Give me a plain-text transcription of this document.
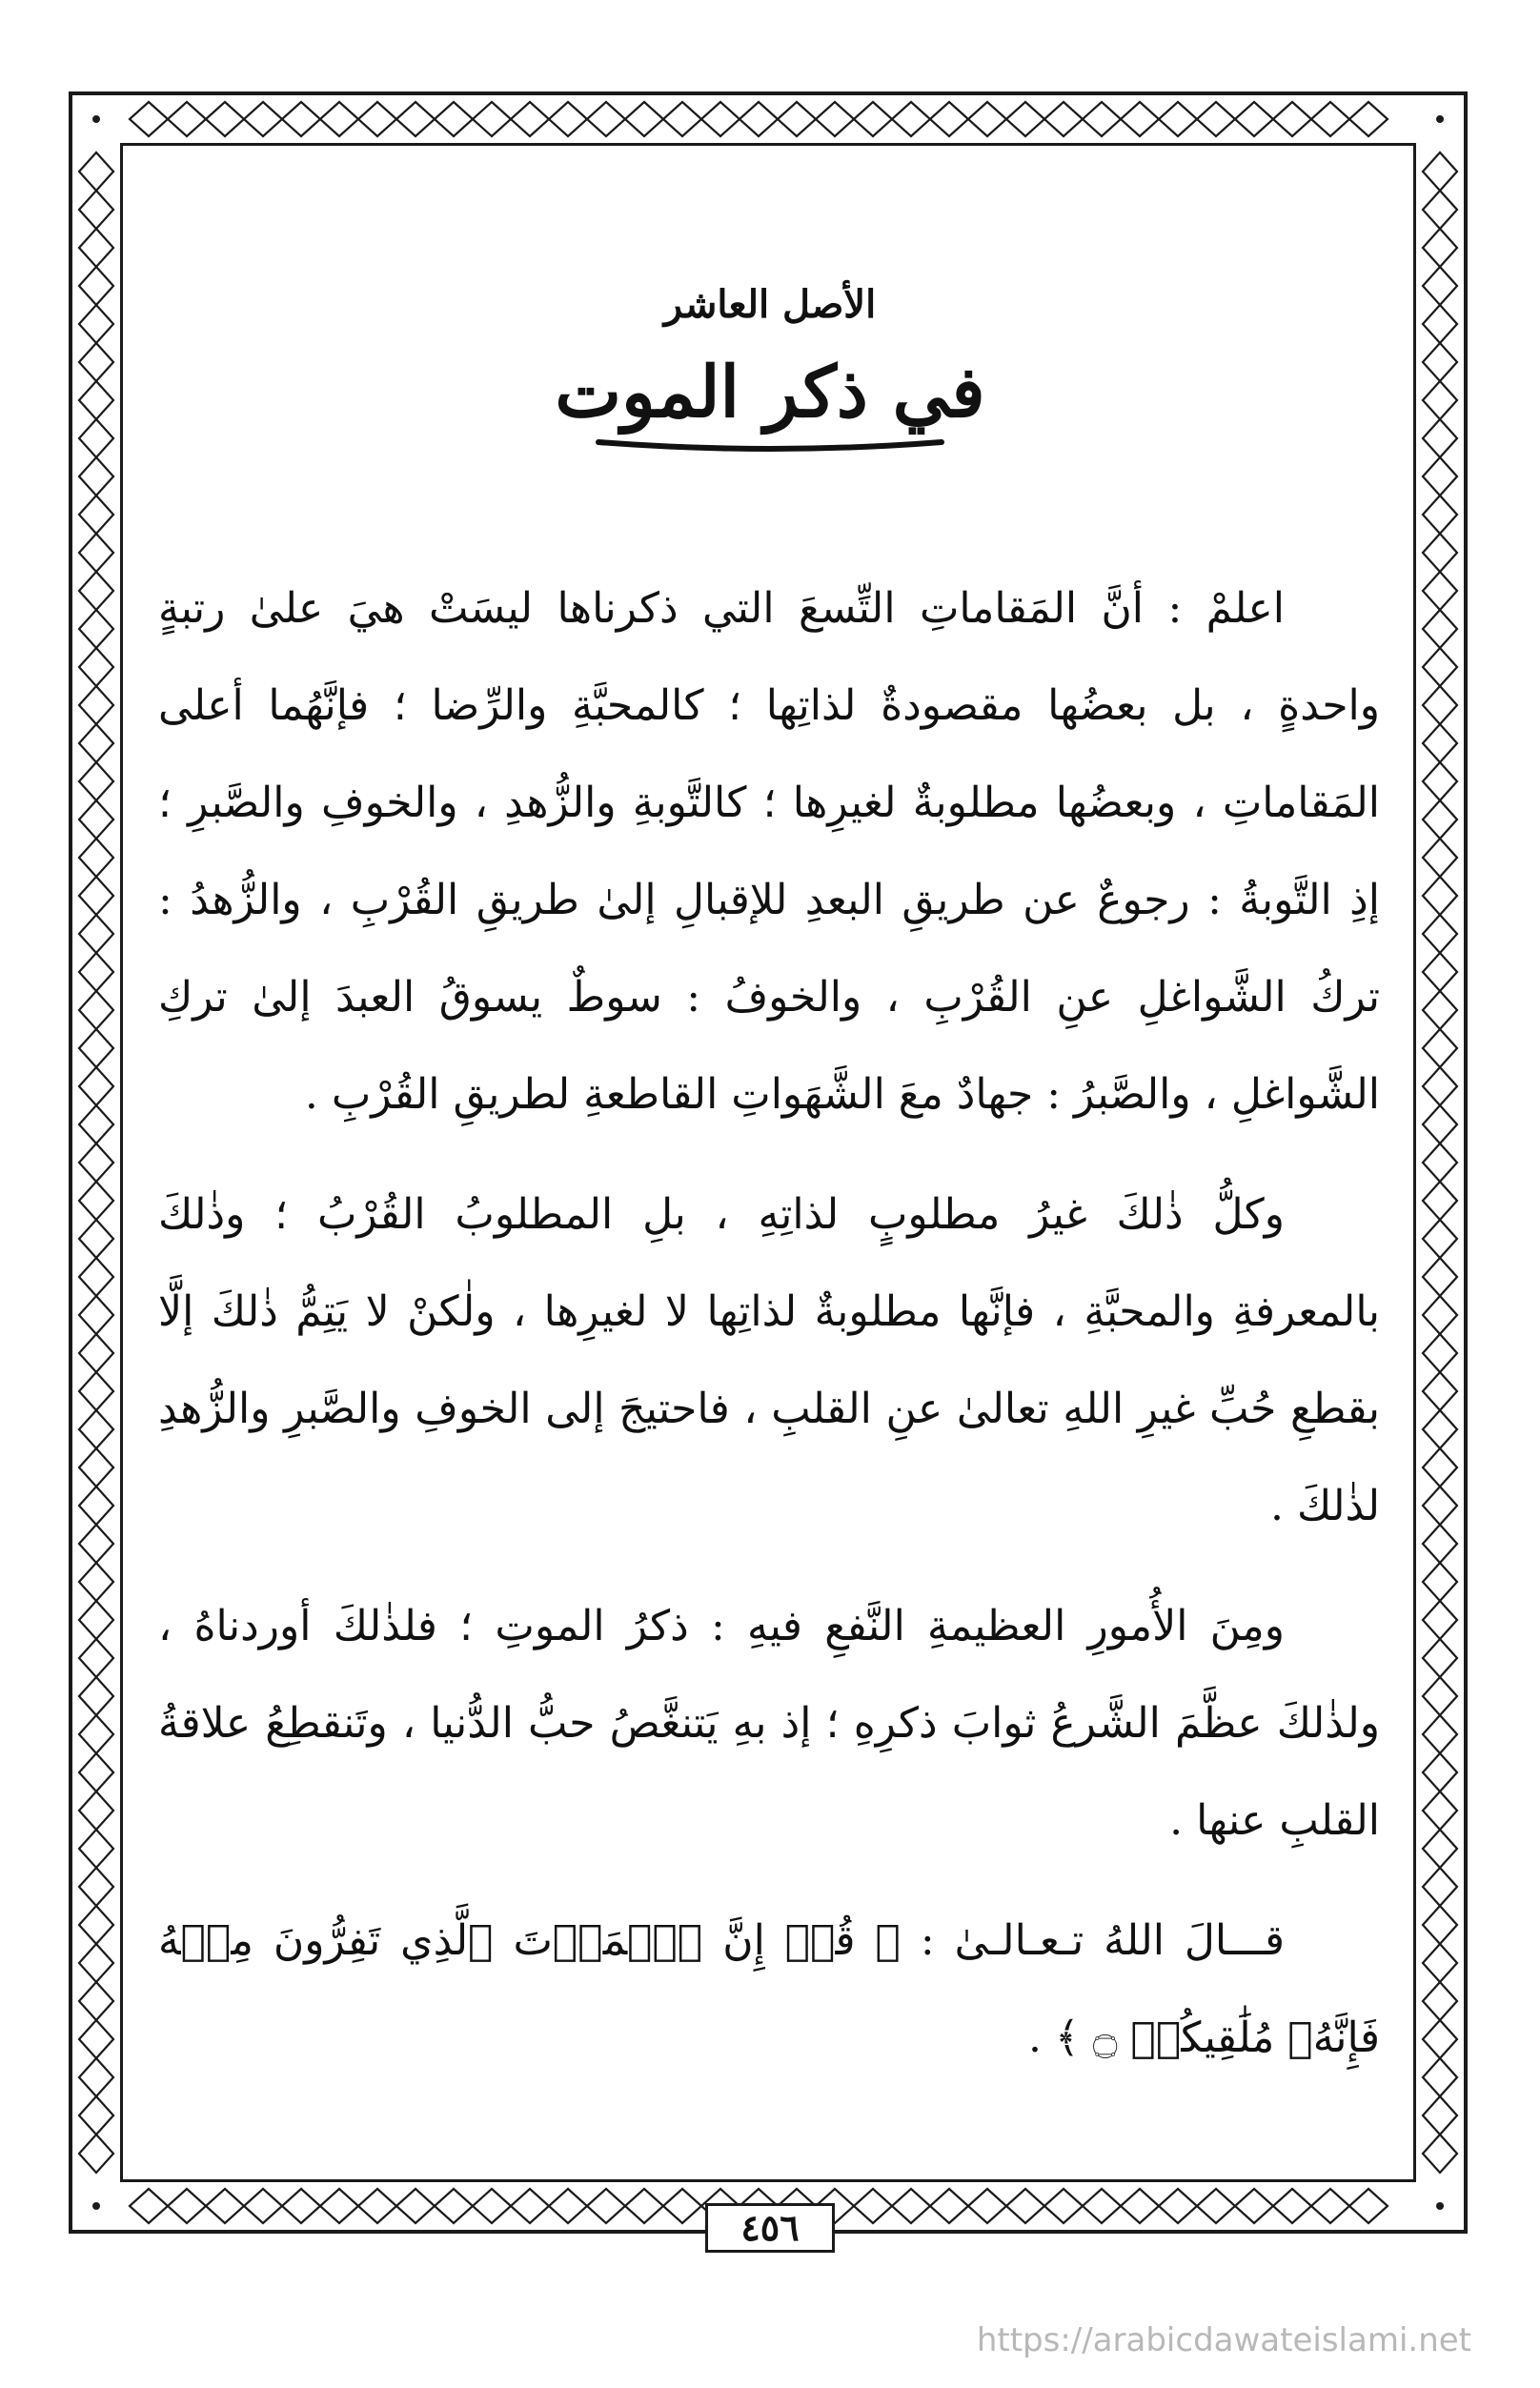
الأصل العاشر

في ذكر الموت

اعلمْ : أنَّ المَقاماتِ التِّسعَ التي ذكرناها ليسَتْ هيَ علىٰ رتبةٍ واحدةٍ ، بل بعضُها مقصودةٌ لذاتِها ؛ كالمحبَّةِ والرِّضا ؛ فإنَّهُما أعلى المَقاماتِ ، وبعضُها مطلوبةٌ لغيرِها ؛ كالتَّوبةِ والزُّهدِ ، والخوفِ والصَّبرِ ؛ إذِ التَّوبةُ : رجوعٌ عن طريقِ البعدِ للإقبالِ إلىٰ طريقِ القُرْبِ ، والزُّهدُ : تركُ الشَّواغلِ عنِ القُرْبِ ، والخوفُ : سوطٌ يسوقُ العبدَ إلىٰ تركِ الشَّواغلِ ، والصَّبرُ : جهادٌ معَ الشَّهَواتِ القاطعةِ لطريقِ القُرْبِ .

وكلُّ ذٰلكَ غيرُ مطلوبٍ لذاتِهِ ، بلِ المطلوبُ القُرْبُ ؛ وذٰلكَ بالمعرفةِ والمحبَّةِ ، فإنَّها مطلوبةٌ لذاتِها لا لغيرِها ، ولٰكنْ لا يَتِمُّ ذٰلكَ إلَّا بقطعِ حُبِّ غيرِ اللهِ تعالىٰ عنِ القلبِ ، فاحتيجَ إلى الخوفِ والصَّبرِ والزُّهدِ لذٰلكَ .

ومِنَ الأُمورِ العظيمةِ النَّفعِ فيهِ : ذكرُ الموتِ ؛ فلذٰلكَ أوردناهُ ، ولذٰلكَ عظَّمَ الشَّرعُ ثوابَ ذكرِهِ ؛ إذ بهِ يَتنغَّصُ حبُّ الدُّنيا ، وتَنقطِعُ علاقةُ القلبِ عنها .

قـــالَ اللهُ تـعـالـىٰ : ﴿ قُلۡ إِنَّ ٱلۡمَوۡتَ ٱلَّذِي تَفِرُّونَ مِنۡهُ فَإِنَّهُۥ مُلَٰقِيكُمۡ ۝ ﴾ .

٤٥٦
https://arabicdawateislami.net
